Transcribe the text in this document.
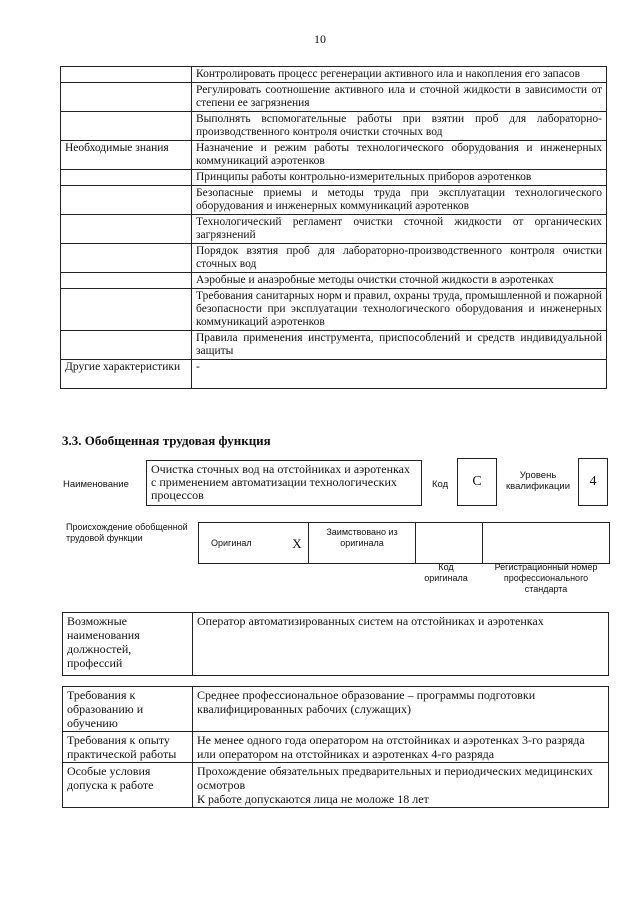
10
	Контролировать процесс регенерации активного ила и накопления его запасов
	Регулировать соотношение активного ила и сточной жидкости в зависимости от степени ее загрязнения
	Выполнять вспомогательные работы при взятии проб для лабораторно-производственного контроля очистки сточных вод
Необходимые знания	Назначение и режим работы технологического оборудования и инженерных коммуникаций аэротенков
	Принципы работы контрольно-измерительных приборов аэротенков
	Безопасные приемы и методы труда при эксплуатации технологического оборудования и инженерных коммуникаций аэротенков
	Технологический регламент очистки сточной жидкости от органических загрязнений
	Порядок взятия проб для лабораторно-производственного контроля очистки сточных вод
	Аэробные и анаэробные методы очистки сточной жидкости в аэротенках
	Требования санитарных норм и правил, охраны труда, промышленной и пожарной безопасности при эксплуатации технологического оборудования и инженерных коммуникаций аэротенков
	Правила применения инструмента, приспособлений и средств индивидуальной защиты
Другие характеристики	-
3.3. Обобщенная трудовая функция
Наименование
Очистка сточных вод на отстойниках и аэротенках с применением автоматизации технологических процессов
Код	C	Уровень квалификации	4
Происхождение обобщенной трудовой функции	Оригинал	X	Заимствовано из оригинала		
Код оригинала
Регистрационный номер профессионального стандарта
Возможные наименования должностей, профессий	Оператор автоматизированных систем на отстойниках и аэротенках
Требования к образованию и обучению	Среднее профессиональное образование – программы подготовки квалифицированных рабочих (служащих)
Требования к опыту практической работы	Не менее одного года оператором на отстойниках и аэротенках 3-го разряда или оператором на отстойниках и аэротенках 4-го разряда
Особые условия допуска к работе	Прохождение обязательных предварительных и периодических медицинских осмотров
К работе допускаются лица не моложе 18 лет
